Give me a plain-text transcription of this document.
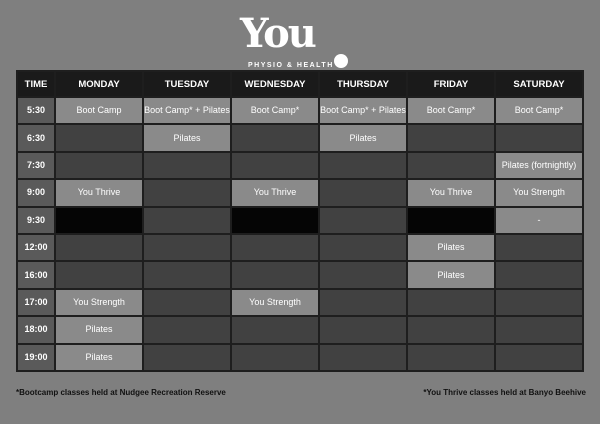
You
PHYSIO & HEALTH
TIME	MONDAY	TUESDAY	WEDNESDAY	THURSDAY	FRIDAY	SATURDAY
5:30	Boot Camp	Boot Camp* + Pilates	Boot Camp*	Boot Camp* + Pilates	Boot Camp*	Boot Camp*
6:30		Pilates		Pilates		
7:30						Pilates (fortnightly)
9:00	You Thrive		You Thrive		You Thrive	You Strength
9:30						-
12:00					Pilates	
16:00					Pilates	
17:00	You Strength		You Strength			
18:00	Pilates					
19:00	Pilates					
*Bootcamp classes held at Nudgee Recreation Reserve	*You Thrive classes held at Banyo Beehive
